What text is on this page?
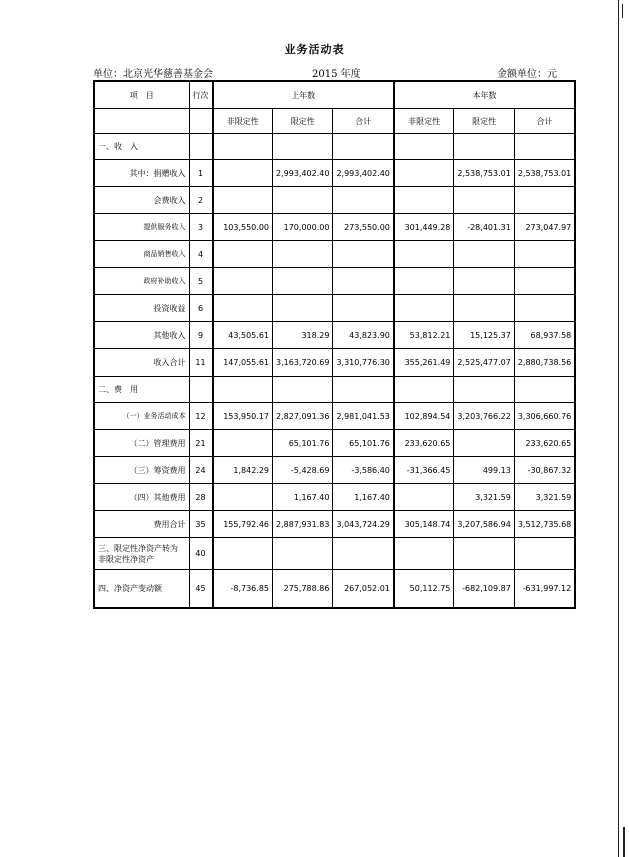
业务活动表
单位：北京光华慈善基金会	2015 年度	金额单位：元
项　目	行次	上年数			本年数		
		非限定性	限定性	合计	非限定性	限定性	合计
一、收　入							
其中：捐赠收入	1		2,993,402.40	2,993,402.40		2,538,753.01	2,538,753.01
会费收入	2						
提供服务收入	3	103,550.00	170,000.00	273,550.00	301,449.28	-28,401.31	273,047.97
商品销售收入	4						
政府补助收入	5						
投资收益	6						
其他收入	9	43,505.61	318.29	43,823.90	53,812.21	15,125.37	68,937.58
收入合计	11	147,055.61	3,163,720.69	3,310,776.30	355,261.49	2,525,477.07	2,880,738.56
二、费　用							
（一）业务活动成本	12	153,950.17	2,827,091.36	2,981,041.53	102,894.54	3,203,766.22	3,306,660.76
（二）管理费用	21		65,101.76	65,101.76	233,620.65		233,620.65
（三）筹资费用	24	1,842.29	-5,428.69	-3,586.40	-31,366.45	499.13	-30,867.32
（四）其他费用	28		1,167.40	1,167.40		3,321.59	3,321.59
费用合计	35	155,792.46	2,887,931.83	3,043,724.29	305,148.74	3,207,586.94	3,512,735.68
三、限定性净资产转为非限定性净资产	40						
四、净资产变动额	45	-8,736.85	275,788.86	267,052.01	50,112.75	-682,109.87	-631,997.12
